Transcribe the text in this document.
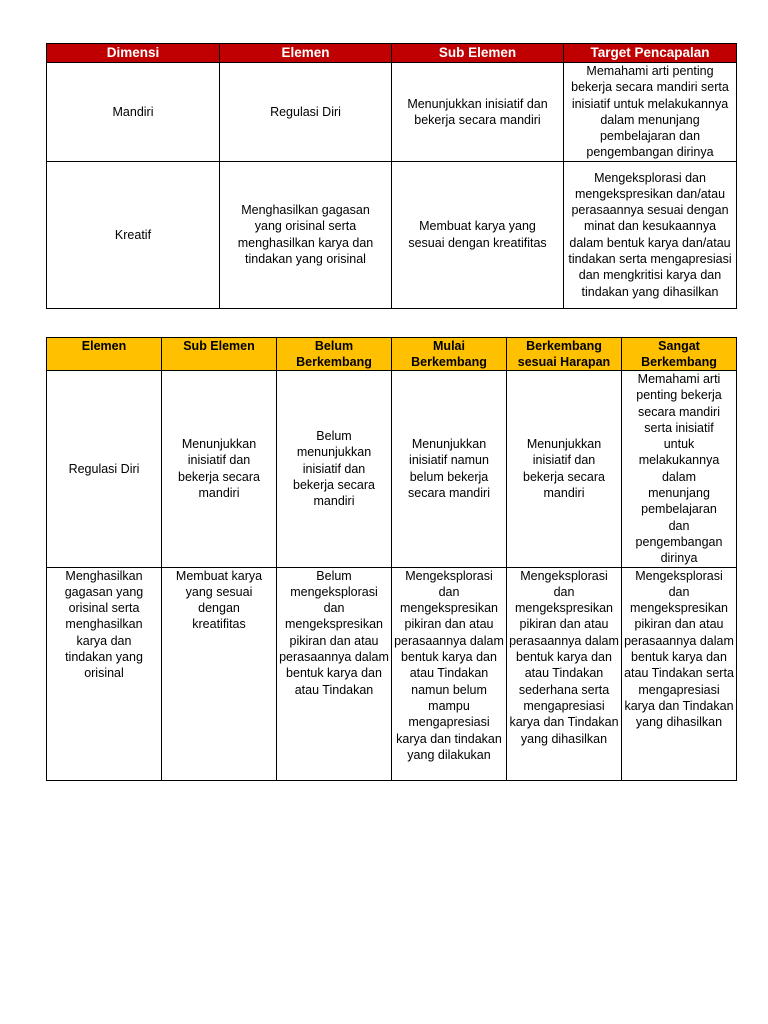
Dimensi	Elemen	Sub Elemen	Target Pencapalan
Mandiri	Regulasi Diri	Menunjukkan inisiatif dan bekerja secara mandiri	Memahami arti penting bekerja secara mandiri serta inisiatif untuk melakukannya dalam menunjang pembelajaran dan pengembangan dirinya
Kreatif	Menghasilkan gagasan yang orisinal serta menghasilkan karya dan tindakan yang orisinal	Membuat karya yang sesuai dengan kreatifitas	Mengeksplorasi dan mengekspresikan dan/atau perasaannya sesuai dengan minat dan kesukaannya dalam bentuk karya dan/atau tindakan serta mengapresiasi dan mengkritisi karya dan tindakan yang dihasilkan
Elemen	Sub Elemen	Belum Berkembang	Mulai Berkembang	Berkembang sesuai Harapan	Sangat Berkembang
Regulasi Diri	Menunjukkan inisiatif dan bekerja secara mandiri	Belum menunjukkan inisiatif dan bekerja secara mandiri	Menunjukkan inisiatif namun belum bekerja secara mandiri	Menunjukkan inisiatif dan bekerja secara mandiri	Memahami arti penting bekerja secara mandiri serta inisiatif untuk melakukannya dalam menunjang pembelajaran dan pengembangan dirinya
Menghasilkan gagasan yang orisinal serta menghasilkan karya dan tindakan yang orisinal	Membuat karya yang sesuai dengan kreatifitas	Belum mengeksplorasi dan mengekspresikan pikiran dan atau perasaannya dalam bentuk karya dan atau Tindakan	Mengeksplorasi dan mengekspresikan pikiran dan atau perasaannya dalam bentuk karya dan atau Tindakan namun belum mampu mengapresiasi karya dan tindakan yang dilakukan	Mengeksplorasi dan mengekspresikan pikiran dan atau perasaannya dalam bentuk karya dan atau Tindakan sederhana serta mengapresiasi karya dan Tindakan yang dihasilkan	Mengeksplorasi dan mengekspresikan pikiran dan atau perasaannya dalam bentuk karya dan atau Tindakan serta mengapresiasi karya dan Tindakan yang dihasilkan
